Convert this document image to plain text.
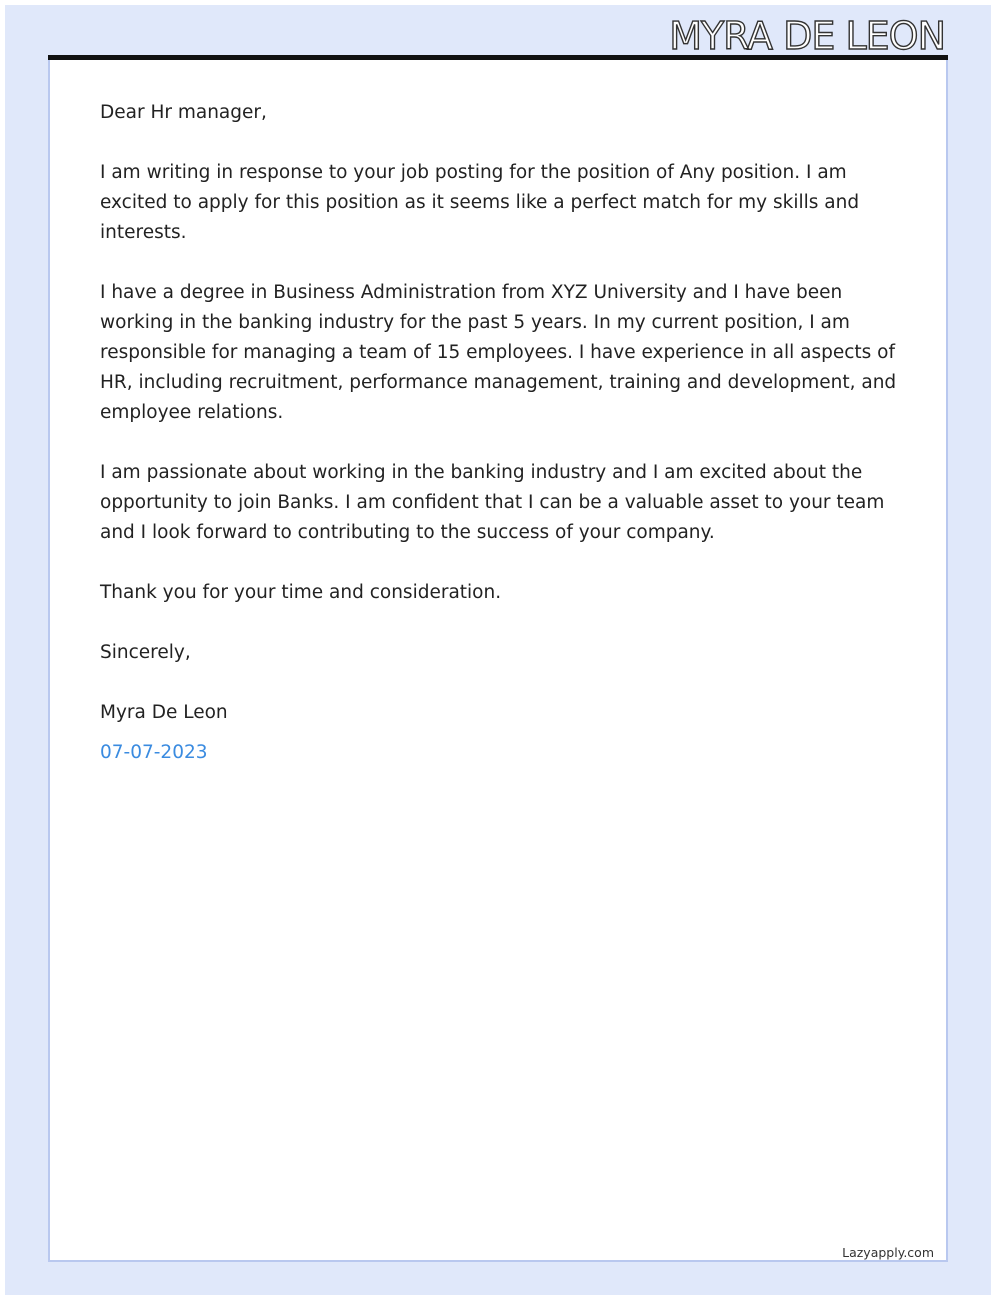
MYRA DE LEON

Dear Hr manager,

I am writing in response to your job posting for the position of Any position. I am excited to apply for this position as it seems like a perfect match for my skills and interests.

I have a degree in Business Administration from XYZ University and I have been working in the banking industry for the past 5 years. In my current position, I am responsible for managing a team of 15 employees. I have experience in all aspects of HR, including recruitment, performance management, training and development, and employee relations.

I am passionate about working in the banking industry and I am excited about the opportunity to join Banks. I am confident that I can be a valuable asset to your team and I look forward to contributing to the success of your company.

Thank you for your time and consideration.

Sincerely,

Myra De Leon

07-07-2023

Lazyapply.com
